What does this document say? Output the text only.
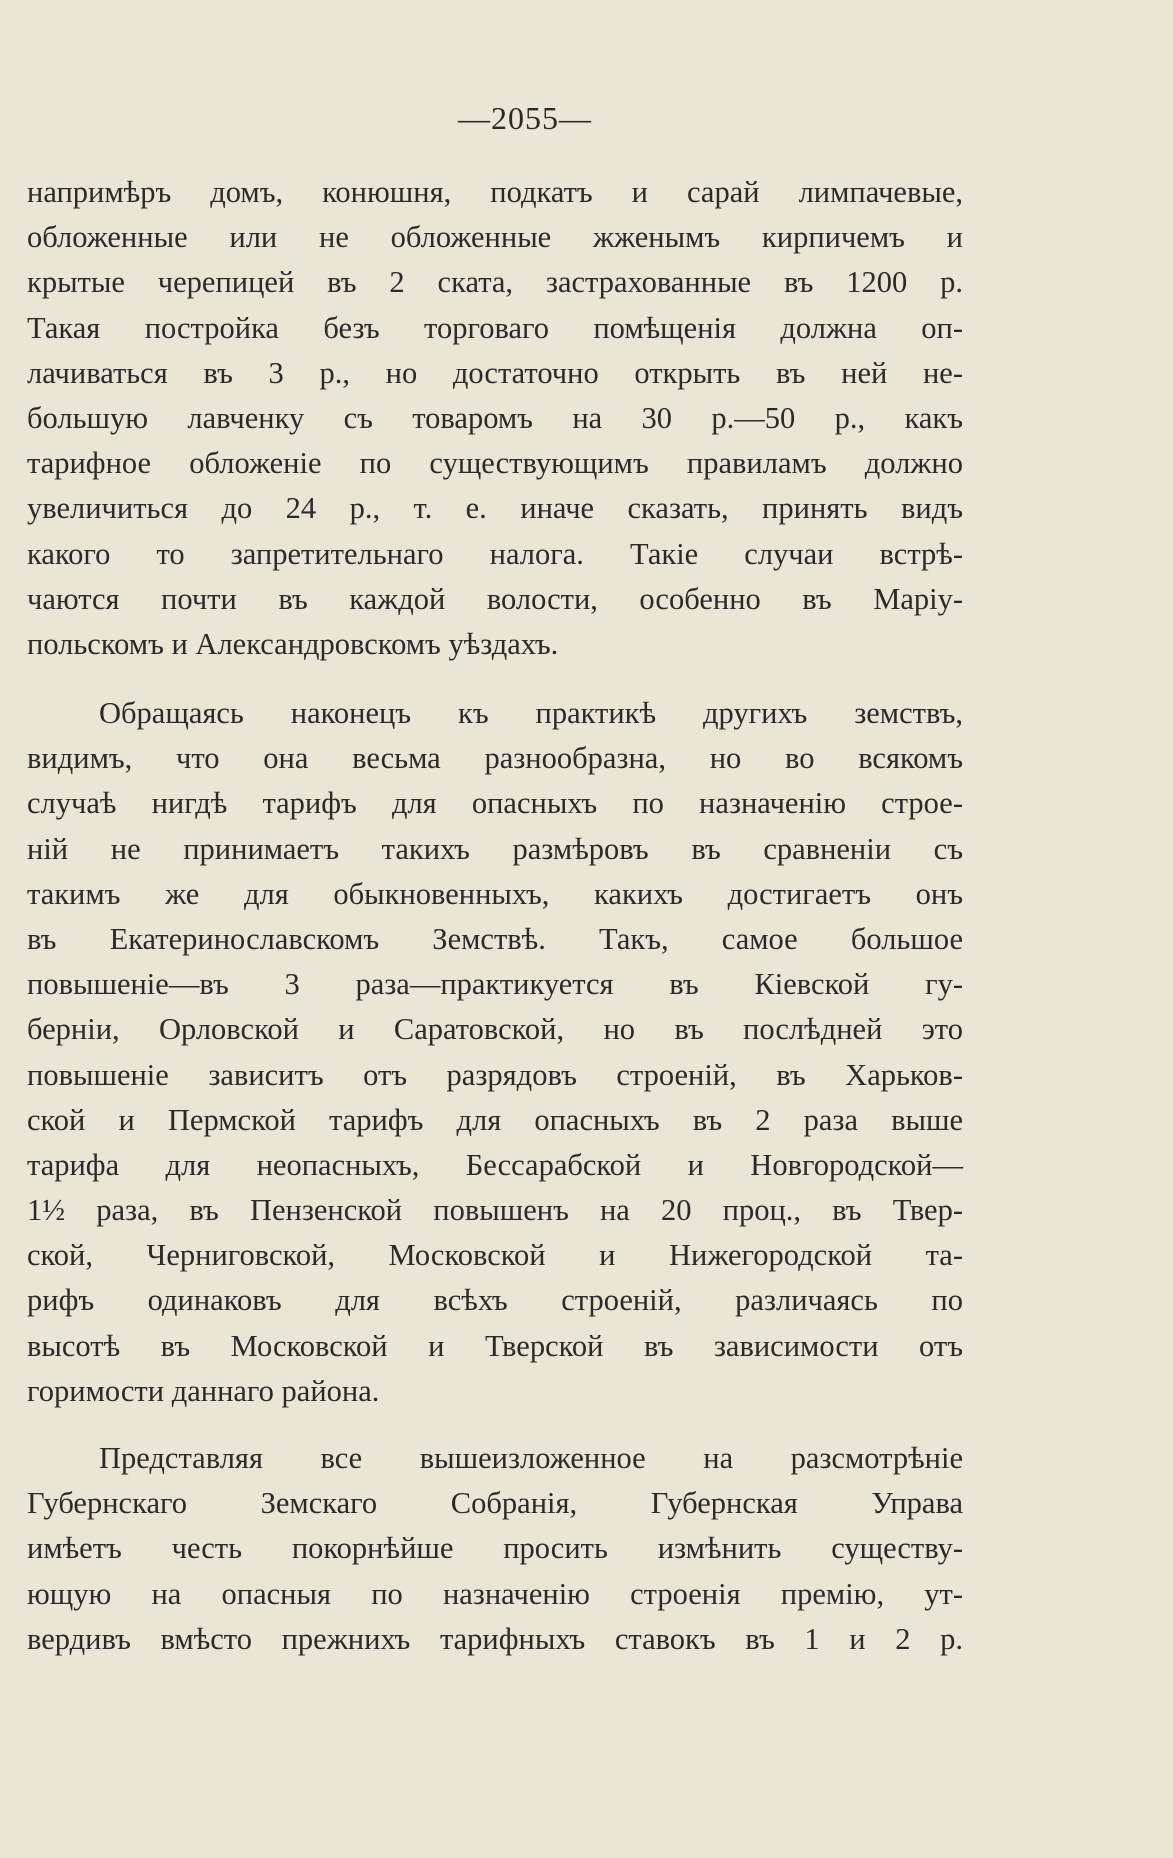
—2055—
напримѣръ домъ, конюшня, подкатъ и сарай лимпачевые,
обложенные или не обложенные жженымъ кирпичемъ и
крытые черепицей въ 2 ската, застрахованные въ 1200 р.
Такая постройка безъ торговаго помѣщенія должна оп-
лачиваться въ 3 р., но достаточно открыть въ ней не-
большую лавченку съ товаромъ на 30 р.—50 р., какъ
тарифное обложеніе по существующимъ правиламъ должно
увеличиться до 24 р., т. е. иначе сказать, принять видъ
какого то запретительнаго налога. Такіе случаи встрѣ-
чаются почти въ каждой волости, особенно въ Маріу-
польскомъ и Александровскомъ уѣздахъ.
Обращаясь наконецъ къ практикѣ другихъ земствъ,
видимъ, что она весьма разнообразна, но во всякомъ
случаѣ нигдѣ тарифъ для опасныхъ по назначенію строе-
ній не принимаетъ такихъ размѣровъ въ сравненіи съ
такимъ же для обыкновенныхъ, какихъ достигаетъ онъ
въ Екатеринославскомъ Земствѣ. Такъ, самое большое
повышеніе—въ 3 раза—практикуется въ Кіевской гу-
берніи, Орловской и Саратовской, но въ послѣдней это
повышеніе зависитъ отъ разрядовъ строеній, въ Харьков-
ской и Пермской тарифъ для опасныхъ въ 2 раза выше
тарифа для неопасныхъ, Бессарабской и Новгородской—
1½ раза, въ Пензенской повышенъ на 20 проц., въ Твер-
ской, Черниговской, Московской и Нижегородской та-
рифъ одинаковъ для всѣхъ строеній, различаясь по
высотѣ въ Московской и Тверской въ зависимости отъ
горимости даннаго района.
Представляя все вышеизложенное на разсмотрѣніе
Губернскаго Земскаго Собранія, Губернская Управа
имѣетъ честь покорнѣйше просить измѣнить существу-
ющую на опасныя по назначенію строенія премію, ут-
вердивъ вмѣсто прежнихъ тарифныхъ ставокъ въ 1 и 2 р.
